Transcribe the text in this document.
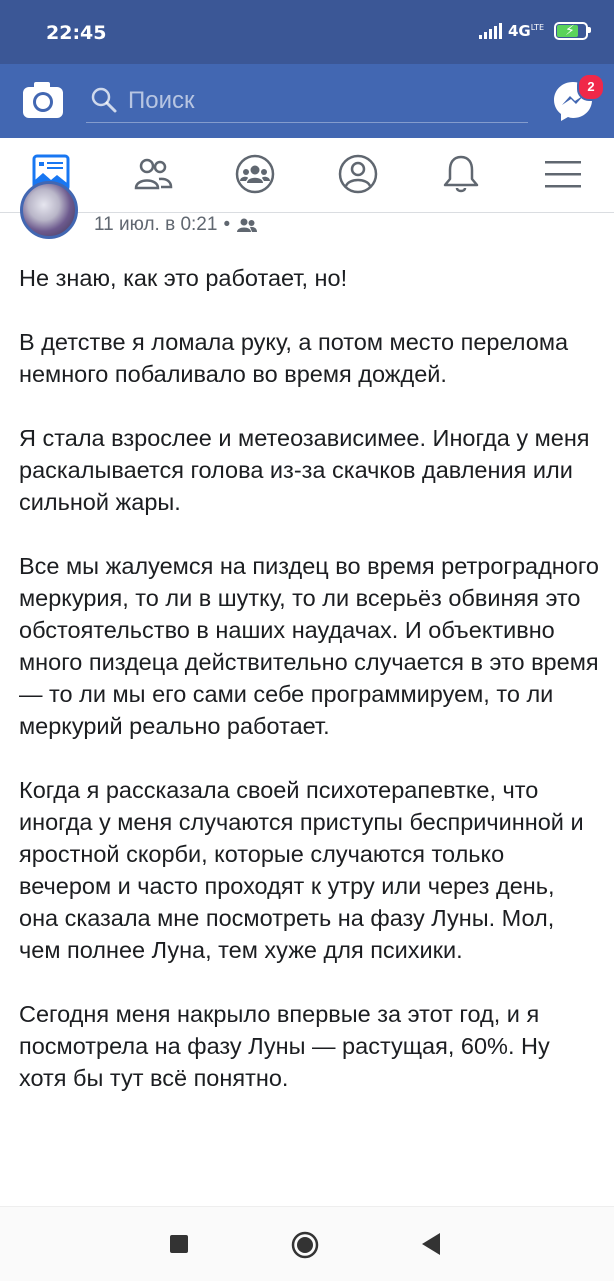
22:45	$4G^{LTE}$ ⚡
Поиск
2
11 июл. в 0:21 •

Не знаю, как это работает, но!

В детстве я ломала руку, а потом место перелома немного побаливало во время дождей.

Я стала взрослее и метеозависимее. Иногда у меня раскалывается голова из-за скачков давления или сильной жары.

Все мы жалуемся на пиздец во время ретроградного меркурия, то ли в шутку, то ли всерьёз обвиняя это обстоятельство в наших наудачах. И объективно много пиздеца действительно случается в это время — то ли мы его сами себе программируем, то ли меркурий реально работает.

Когда я рассказала своей психотерапевтке, что иногда у меня случаются приступы беспричинной и яростной скорби, которые случаются только вечером и часто проходят к утру или через день, она сказала мне посмотреть на фазу Луны. Мол, чем полнее Луна, тем хуже для психики.

Сегодня меня накрыло впервые за этот год, и я посмотрела на фазу Луны — растущая, 60%. Ну хотя бы тут всё понятно.
